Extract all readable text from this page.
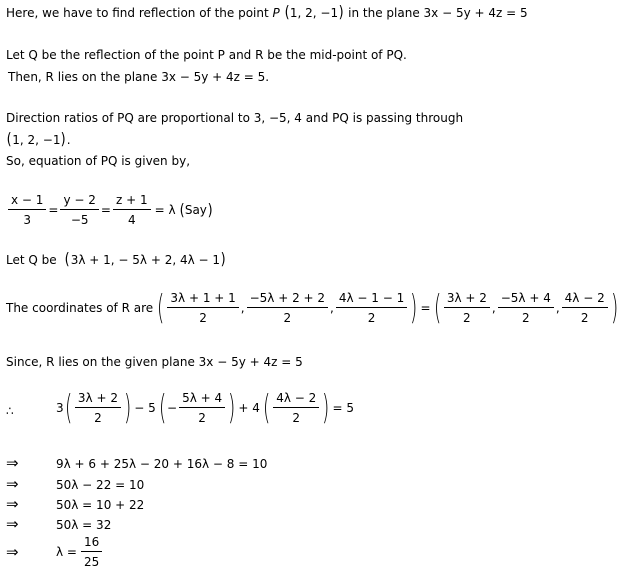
Here, we have to find reflection of the point P (1, 2, −1) in the plane 3x − 5y + 4z = 5
Let Q be the reflection of the point P and R be the mid-point of PQ.
Then, R lies on the plane 3x − 5y + 4z = 5.
Direction ratios of PQ are proportional to 3, −5, 4 and PQ is passing through
(1, 2, −1).
So, equation of PQ is given by,
$\frac{x - 1}{3} = \frac{y - 2}{-5} = \frac{z + 1}{4} = \lambda$ ( Say )
Let Q be (3λ + 1, − 5λ + 2, 4λ − 1)
The coordinates of R are ( 3λ + 1 + 1
2
,
−5λ + 2 + 2
2
,
4λ − 1 − 1
2 ) = ( 3λ + 2
2
,
−5λ + 4
2
,
4λ − 2
2 )
Since, R lies on the given plane 3x − 5y + 4z = 5
∴	3 ( 3λ + 2
2 ) − 5 ( − $\frac{5\lambda + 4}{2}$ ) + 4 ( 4λ − 2
2 ) = 5
⇒	9λ + 6 + 25λ − 20 + 16λ − 8 = 10
⇒	50λ − 22 = 10
⇒	50λ = 10 + 22
⇒	50λ = 32
⇒	$\lambda = \frac{16}{25}$
